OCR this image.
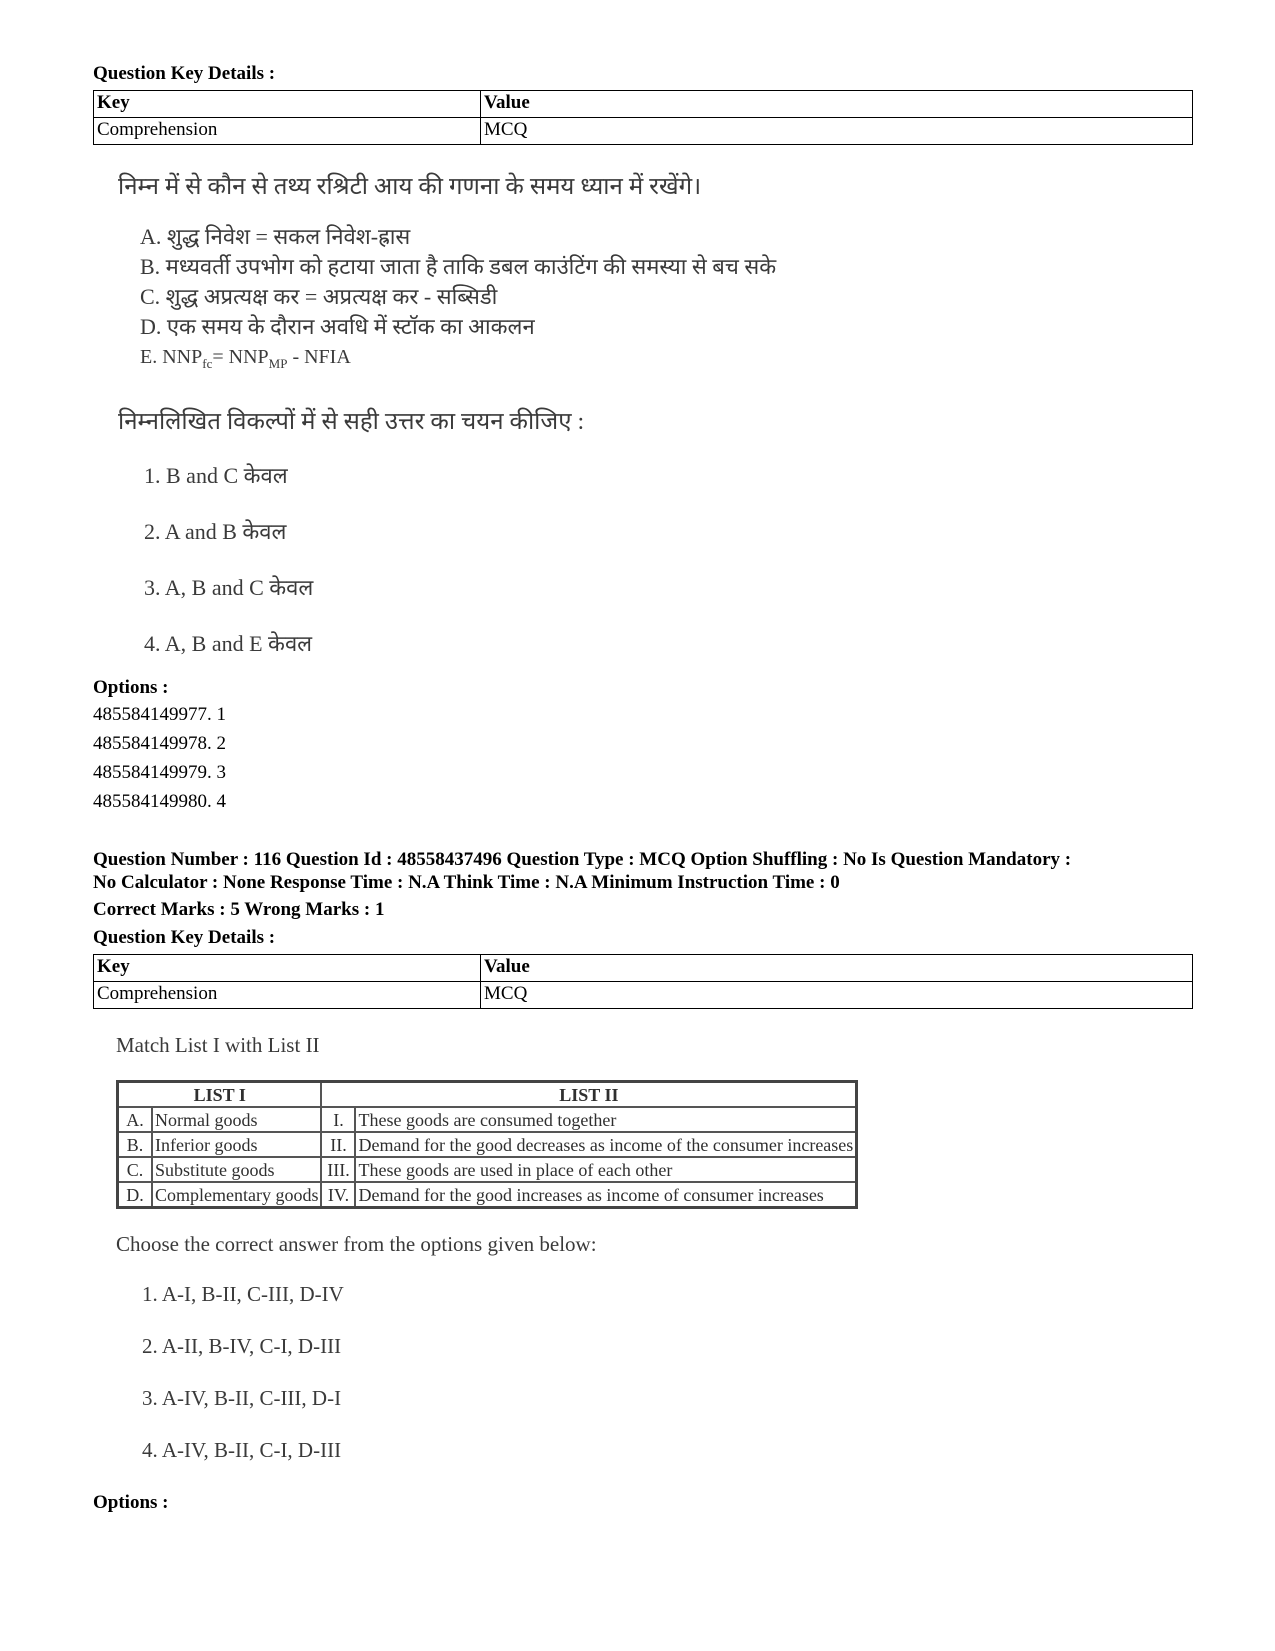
Question Key Details :
Key	Value
Comprehension	MCQ
निम्न में से कौन से तथ्य रश्रिटी आय की गणना के समय ध्यान में रखेंगे।
A. शुद्ध निवेश = सकल निवेश-ह्रास
B. मध्यवर्ती उपभोग को हटाया जाता है ताकि डबल काउंटिंग की समस्या से बच सके
C. शुद्ध अप्रत्यक्ष कर = अप्रत्यक्ष कर - सब्सिडी
D. एक समय के दौरान अवधि में स्टॉक का आकलन
E. $NNP_{fc}= NNP_{MP}$ - NFIA
निम्नलिखित विकल्पों में से सही उत्तर का चयन कीजिए :
1. B and C केवल
2. A and B केवल
3. A, B and C केवल
4. A, B and E केवल
Options :
485584149977. 1
485584149978. 2
485584149979. 3
485584149980. 4
Question Number : 116 Question Id : 48558437496 Question Type : MCQ Option Shuffling : No Is Question Mandatory :
No Calculator : None Response Time : N.A Think Time : N.A Minimum Instruction Time : 0
Correct Marks : 5 Wrong Marks : 1
Question Key Details :
Key	Value
Comprehension	MCQ
Match List I with List II
LIST I		LIST II	
A.	Normal goods	I.	These goods are consumed together
B.	Inferior goods	II.	Demand for the good decreases as income of the consumer increases
C.	Substitute goods	III.	These goods are used in place of each other
D.	Complementary goods	IV.	Demand for the good increases as income of consumer increases
Choose the correct answer from the options given below:
1. A-I, B-II, C-III, D-IV
2. A-II, B-IV, C-I, D-III
3. A-IV, B-II, C-III, D-I
4. A-IV, B-II, C-I, D-III
Options :
